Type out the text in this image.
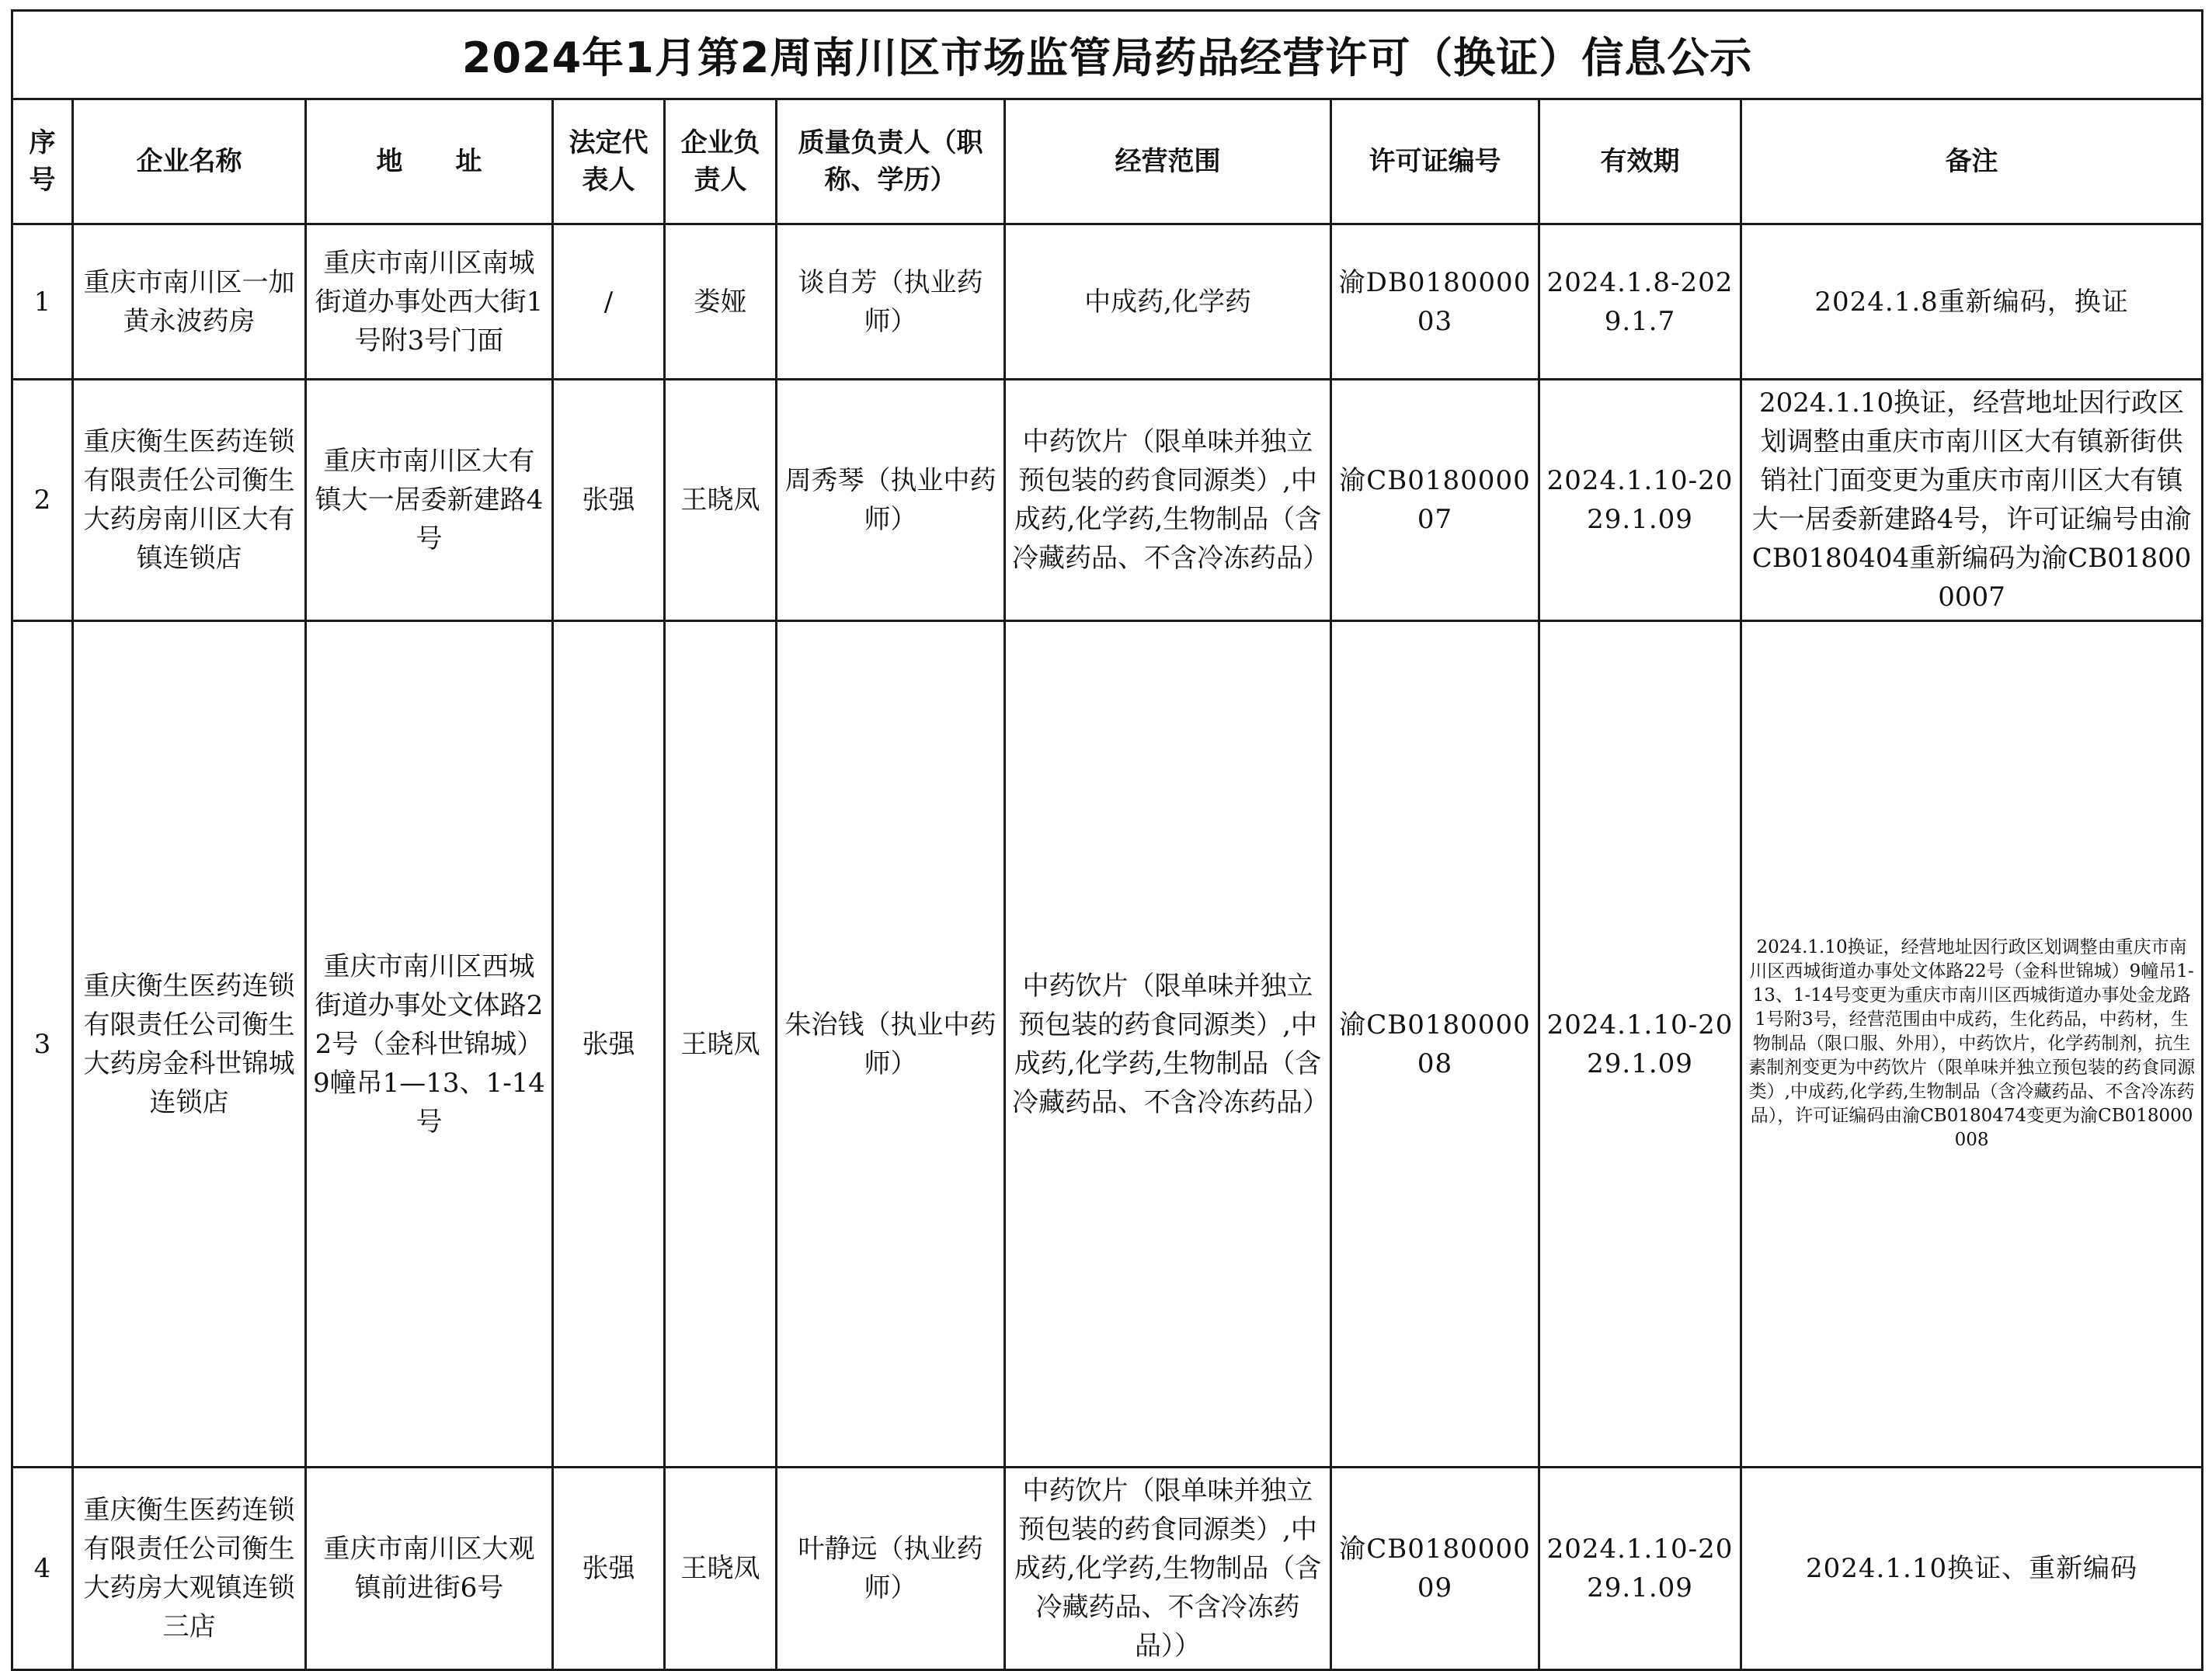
2024年1月第2周南川区市场监管局药品经营许可（换证）信息公示									
序号	企业名称	地　　址	法定代表人	企业负责人	质量负责人（职称、学历）	经营范围	许可证编号	有效期	备注
1	重庆市南川区一加黄永波药房	重庆市南川区南城街道办事处西大街1号附3号门面	/	娄娅	谈自芳（执业药师）	中成药,化学药	渝DB018000003	2024.1.8-2029.1.7	2024.1.8重新编码，换证
2	重庆衡生医药连锁有限责任公司衡生大药房南川区大有镇连锁店	重庆市南川区大有镇大一居委新建路4号	张强	王晓凤	周秀琴（执业中药师）	中药饮片（限单味并独立预包装的药食同源类）,中成药,化学药,生物制品（含冷藏药品、不含冷冻药品）	渝CB018000007	2024.1.10-2029.1.09	2024.1.10换证，经营地址因行政区划调整由重庆市南川区大有镇新街供销社门面变更为重庆市南川区大有镇大一居委新建路4号，许可证编号由渝CB0180404重新编码为渝CB018000007
3	重庆衡生医药连锁有限责任公司衡生大药房金科世锦城连锁店	重庆市南川区西城街道办事处文体路22号（金科世锦城）9幢吊1—13、1-14号	张强	王晓凤	朱治钱（执业中药师）	中药饮片（限单味并独立预包装的药食同源类）,中成药,化学药,生物制品（含冷藏药品、不含冷冻药品）	渝CB018000008	2024.1.10-2029.1.09	2024.1.10换证，经营地址因行政区划调整由重庆市南川区西城街道办事处文体路22号（金科世锦城）9幢吊1-13、1-14号变更为重庆市南川区西城街道办事处金龙路1号附3号，经营范围由中成药，生化药品，中药材，生物制品（限口服、外用），中药饮片，化学药制剂，抗生素制剂变更为中药饮片（限单味并独立预包装的药食同源类）,中成药,化学药,生物制品（含冷藏药品、不含冷冻药品），许可证编码由渝CB0180474变更为渝CB018000008
4	重庆衡生医药连锁有限责任公司衡生大药房大观镇连锁三店	重庆市南川区大观镇前进街6号	张强	王晓凤	叶静远（执业药师）	中药饮片（限单味并独立预包装的药食同源类）,中成药,化学药,生物制品（含冷藏药品、不含冷冻药品））	渝CB018000009	2024.1.10-2029.1.09	2024.1.10换证、重新编码
